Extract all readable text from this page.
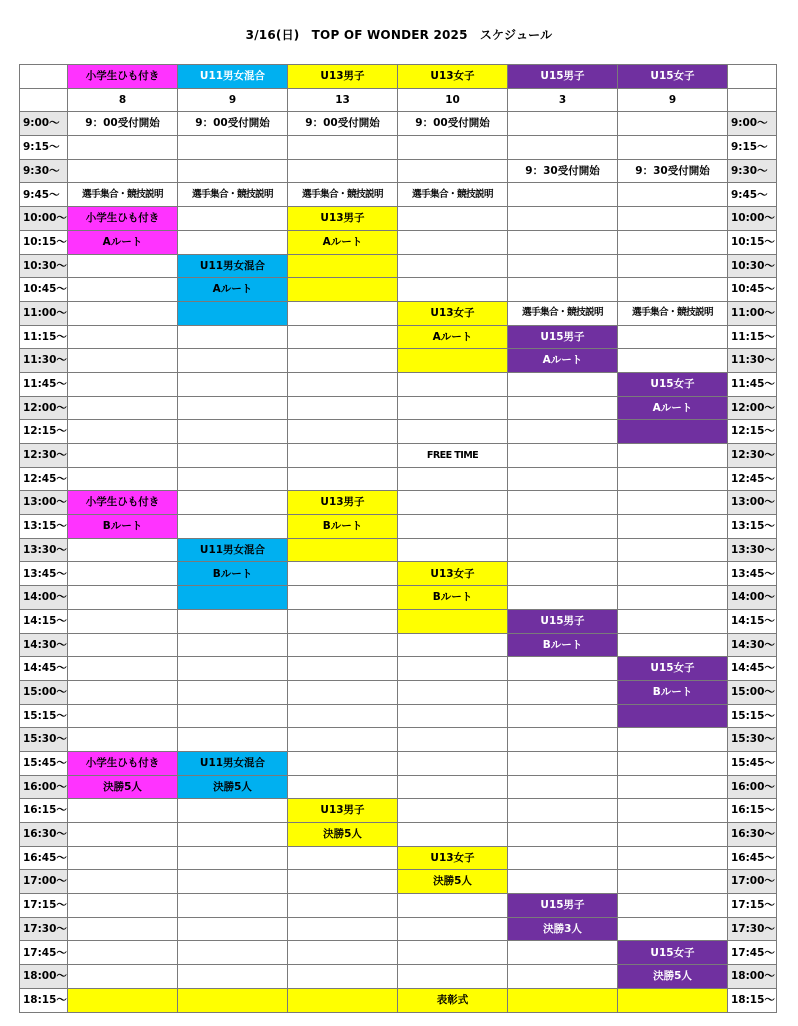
3/16(日)　TOP OF WONDER 2025　スケジュール
	小学生ひも付き	U11男女混合	U13男子	U13女子	U15男子	U15女子	
	8	9	13	10	3	9	
9:00～	9：00受付開始	9：00受付開始	9：00受付開始	9：00受付開始			9:00～
9:15～							9:15～
9:30～					9：30受付開始	9：30受付開始	9:30～
9:45～	選手集合・競技説明	選手集合・競技説明	選手集合・競技説明	選手集合・競技説明			9:45～
10:00～	小学生ひも付き		U13男子				10:00～
10:15～	Aルート		Aルート				10:15～
10:30～		U11男女混合					10:30～
10:45～		Aルート					10:45～
11:00～				U13女子	選手集合・競技説明	選手集合・競技説明	11:00～
11:15～				Aルート	U15男子		11:15～
11:30～					Aルート		11:30～
11:45～						U15女子	11:45～
12:00～						Aルート	12:00～
12:15～							12:15～
12:30～				FREE TIME			12:30～
12:45～							12:45～
13:00～	小学生ひも付き		U13男子				13:00～
13:15～	Bルート		Bルート				13:15～
13:30～		U11男女混合					13:30～
13:45～		Bルート		U13女子			13:45～
14:00～				Bルート			14:00～
14:15～					U15男子		14:15～
14:30～					Bルート		14:30～
14:45～						U15女子	14:45～
15:00～						Bルート	15:00～
15:15～							15:15～
15:30～							15:30～
15:45～	小学生ひも付き	U11男女混合					15:45～
16:00～	決勝5人	決勝5人					16:00～
16:15～			U13男子				16:15～
16:30～			決勝5人				16:30～
16:45～				U13女子			16:45～
17:00～				決勝5人			17:00～
17:15～					U15男子		17:15～
17:30～					決勝3人		17:30～
17:45～						U15女子	17:45～
18:00～						決勝5人	18:00～
18:15～				表彰式			18:15～
